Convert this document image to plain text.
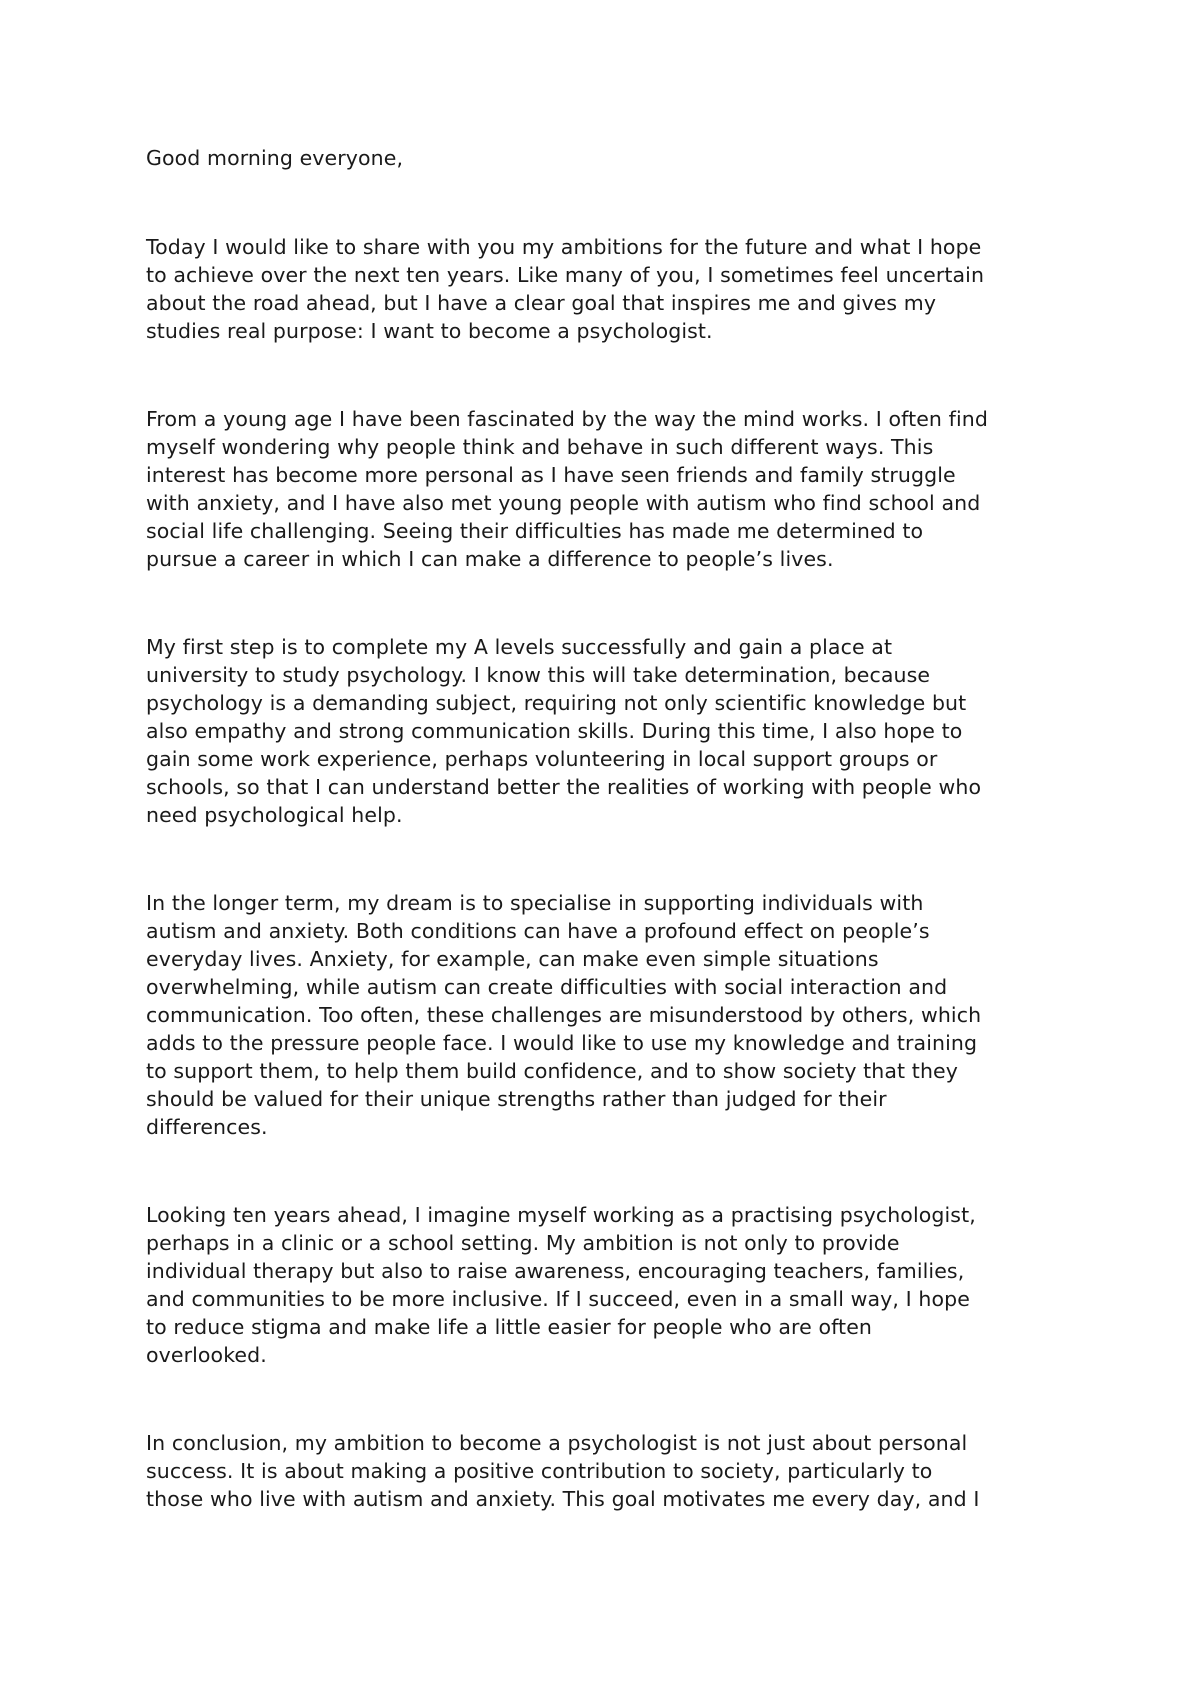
Good morning everyone,

Today I would like to share with you my ambitions for the future and what I hope

to achieve over the next ten years. Like many of you, I sometimes feel uncertain

about the road ahead, but I have a clear goal that inspires me and gives my

studies real purpose: I want to become a psychologist.

From a young age I have been fascinated by the way the mind works. I often find

myself wondering why people think and behave in such different ways. This

interest has become more personal as I have seen friends and family struggle

with anxiety, and I have also met young people with autism who find school and

social life challenging. Seeing their difficulties has made me determined to

pursue a career in which I can make a difference to people’s lives.

My first step is to complete my A levels successfully and gain a place at

university to study psychology. I know this will take determination, because

psychology is a demanding subject, requiring not only scientific knowledge but

also empathy and strong communication skills. During this time, I also hope to

gain some work experience, perhaps volunteering in local support groups or

schools, so that I can understand better the realities of working with people who

need psychological help.

In the longer term, my dream is to specialise in supporting individuals with

autism and anxiety. Both conditions can have a profound effect on people’s

everyday lives. Anxiety, for example, can make even simple situations

overwhelming, while autism can create difficulties with social interaction and

communication. Too often, these challenges are misunderstood by others, which

adds to the pressure people face. I would like to use my knowledge and training

to support them, to help them build confidence, and to show society that they

should be valued for their unique strengths rather than judged for their

differences.

Looking ten years ahead, I imagine myself working as a practising psychologist,

perhaps in a clinic or a school setting. My ambition is not only to provide

individual therapy but also to raise awareness, encouraging teachers, families,

and communities to be more inclusive. If I succeed, even in a small way, I hope

to reduce stigma and make life a little easier for people who are often

overlooked.

In conclusion, my ambition to become a psychologist is not just about personal

success. It is about making a positive contribution to society, particularly to

those who live with autism and anxiety. This goal motivates me every day, and I
